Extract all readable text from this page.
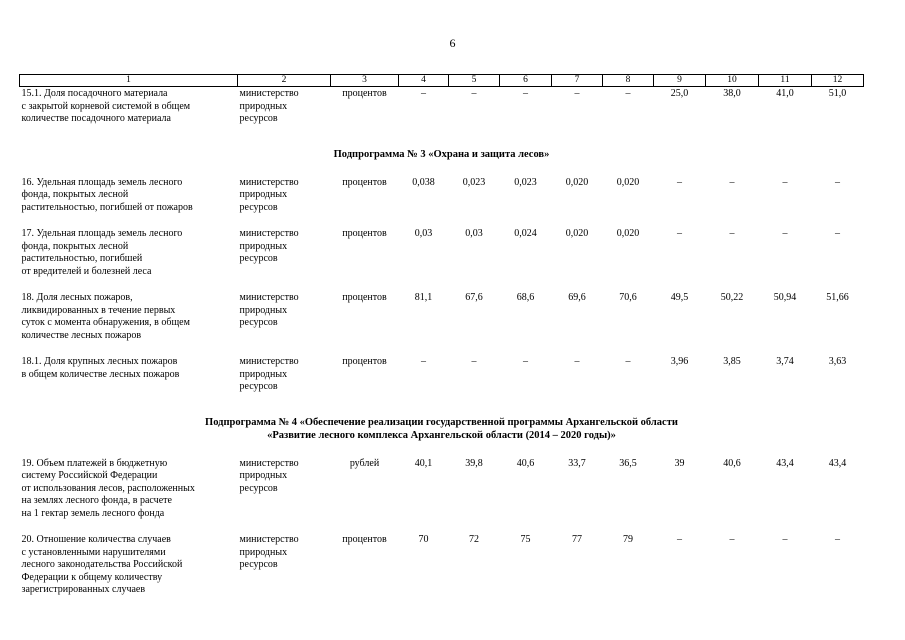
6
1	2	3	4	5	6	7	8	9	10	11	12
15.1. Доля посадочного материала
с закрытой корневой системой в общем
количестве посадочного материала	министерство
природных
ресурсов	процентов	–	–	–	–	–	25,0	38,0	41,0	51,0
Подпрограмма № 3 «Охрана и защита лесов»											
16. Удельная площадь земель лесного
фонда, покрытых лесной
растительностью, погибшей от пожаров	министерство
природных
ресурсов	процентов	0,038	0,023	0,023	0,020	0,020	–	–	–	–
17. Удельная площадь земель лесного
фонда, покрытых лесной
растительностью, погибшей
от вредителей и болезней леса	министерство
природных
ресурсов	процентов	0,03	0,03	0,024	0,020	0,020	–	–	–	–
18. Доля лесных пожаров,
ликвидированных в течение первых
суток с момента обнаружения, в общем
количестве лесных пожаров	министерство
природных
ресурсов	процентов	81,1	67,6	68,6	69,6	70,6	49,5	50,22	50,94	51,66
18.1. Доля крупных лесных пожаров
в общем количестве лесных пожаров	министерство
природных
ресурсов	процентов	–	–	–	–	–	3,96	3,85	3,74	3,63
Подпрограмма № 4 «Обеспечение реализации государственной программы Архангельской области
«Развитие лесного комплекса Архангельской области (2014 – 2020 годы)»											
19. Объем платежей в бюджетную
систему Российской Федерации
от использования лесов, расположенных
на землях лесного фонда, в расчете
на 1 гектар земель лесного фонда	министерство
природных
ресурсов	рублей	40,1	39,8	40,6	33,7	36,5	39	40,6	43,4	43,4
20. Отношение количества случаев
с установленными нарушителями
лесного законодательства Российской
Федерации к общему количеству
зарегистрированных случаев	министерство
природных
ресурсов	процентов	70	72	75	77	79	–	–	–	–
